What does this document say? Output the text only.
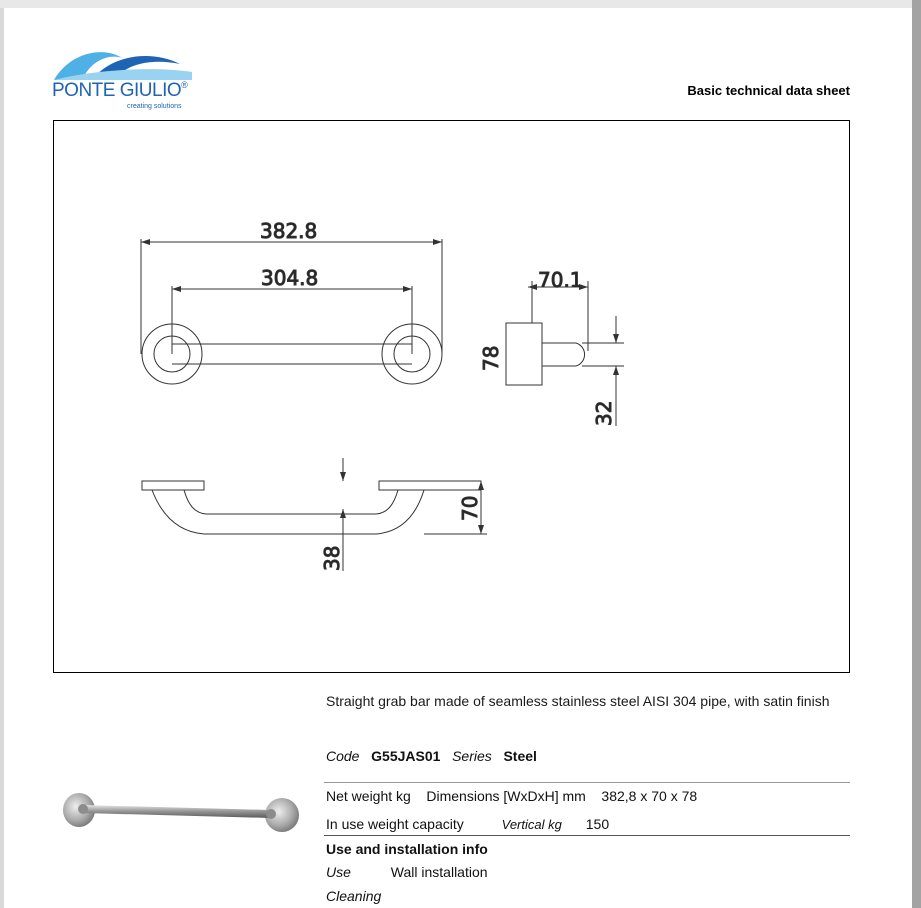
PONTE GIULIO®
creating solutions
Basic technical data sheet
382.8
304.8	70.1
78
32
70
38
Straight grab bar made of seamless stainless steel AISI 304 pipe, with satin finish
Code G55JAS01 Series Steel
Net weight kg Dimensions [WxDxH] mm 382,8 x 70 x 78
In use weight capacity	Vertical kg 150
Use and installation info
Use	Wall installation
Cleaning
